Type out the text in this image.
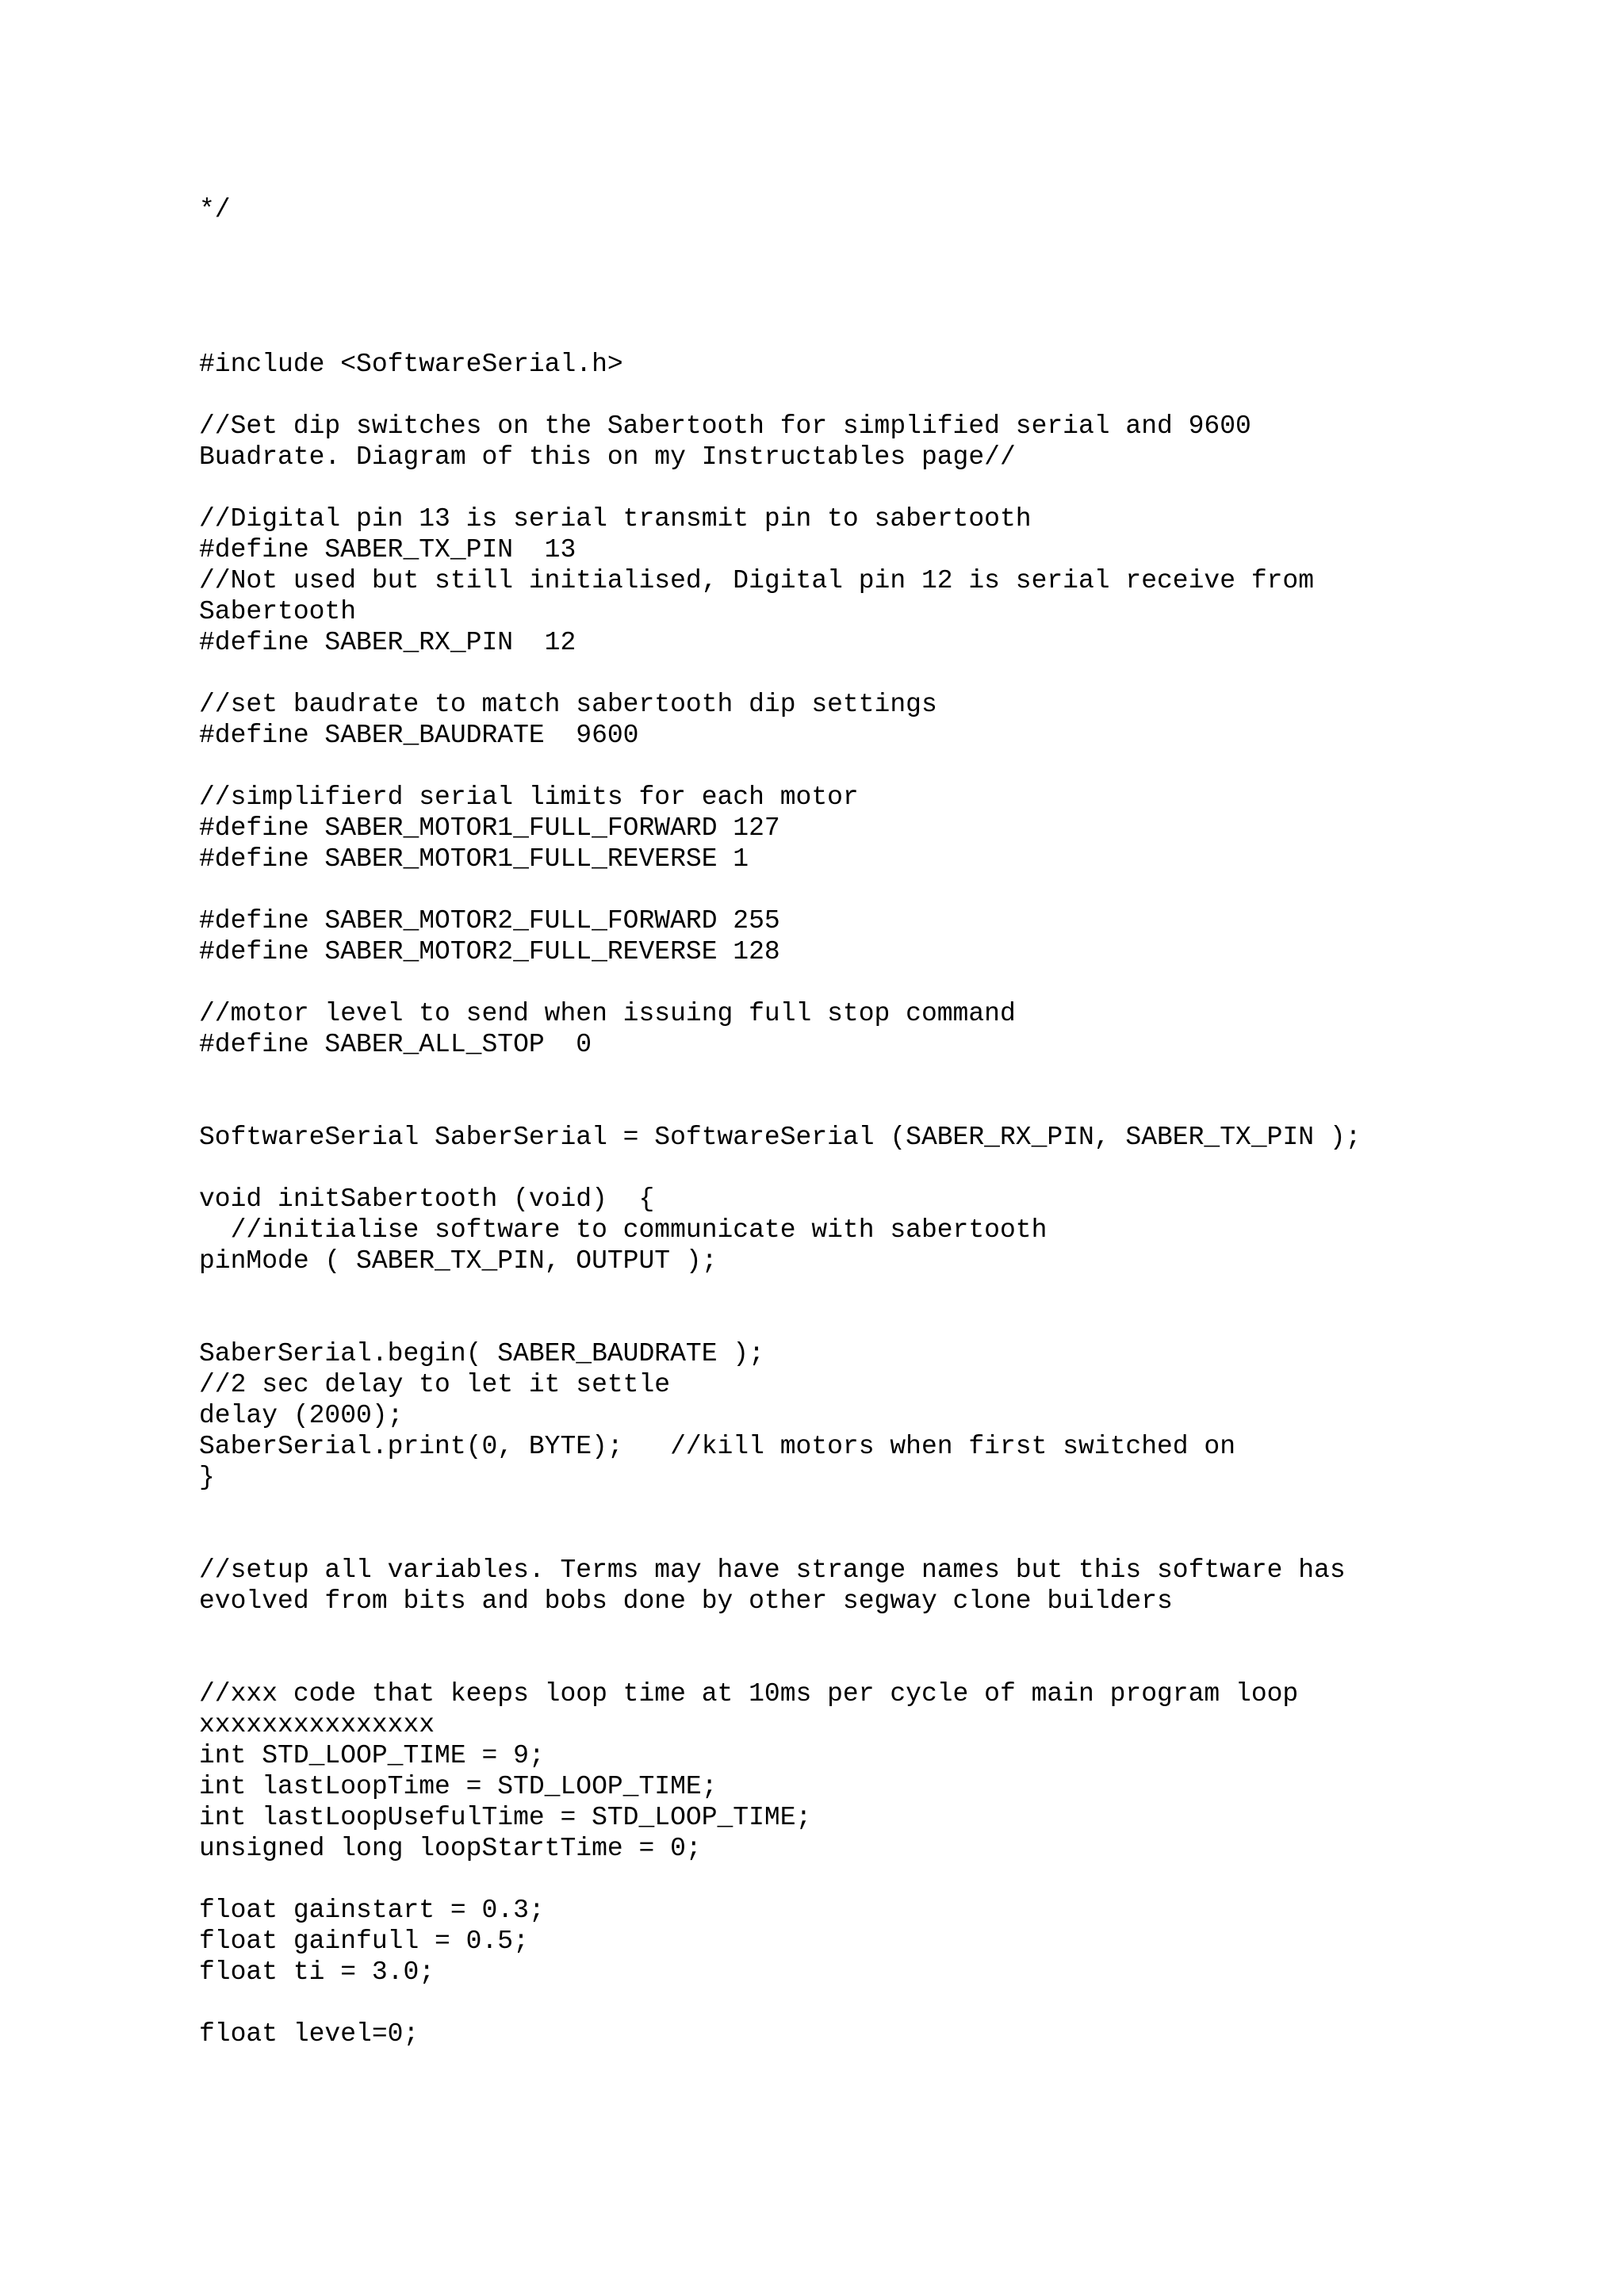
*/
#include <SoftwareSerial.h>
//Set dip switches on the Sabertooth for simplified serial and 9600
Buadrate. Diagram of this on my Instructables page//
//Digital pin 13 is serial transmit pin to sabertooth
#define SABER_TX_PIN  13
//Not used but still initialised, Digital pin 12 is serial receive from
Sabertooth
#define SABER_RX_PIN  12
//set baudrate to match sabertooth dip settings
#define SABER_BAUDRATE  9600
//simplifierd serial limits for each motor
#define SABER_MOTOR1_FULL_FORWARD 127
#define SABER_MOTOR1_FULL_REVERSE 1
#define SABER_MOTOR2_FULL_FORWARD 255
#define SABER_MOTOR2_FULL_REVERSE 128
//motor level to send when issuing full stop command
#define SABER_ALL_STOP  0
SoftwareSerial SaberSerial = SoftwareSerial (SABER_RX_PIN, SABER_TX_PIN );
void initSabertooth (void)  {
//initialise software to communicate with sabertooth
pinMode ( SABER_TX_PIN, OUTPUT );
SaberSerial.begin( SABER_BAUDRATE );
//2 sec delay to let it settle
delay (2000);
SaberSerial.print(0, BYTE);   //kill motors when first switched on
}
//setup all variables. Terms may have strange names but this software has
evolved from bits and bobs done by other segway clone builders
//xxx code that keeps loop time at 10ms per cycle of main program loop
xxxxxxxxxxxxxxx
int STD_LOOP_TIME = 9;
int lastLoopTime = STD_LOOP_TIME;
int lastLoopUsefulTime = STD_LOOP_TIME;
unsigned long loopStartTime = 0;
float gainstart = 0.3;
float gainfull = 0.5;
float ti = 3.0;
float level=0;
